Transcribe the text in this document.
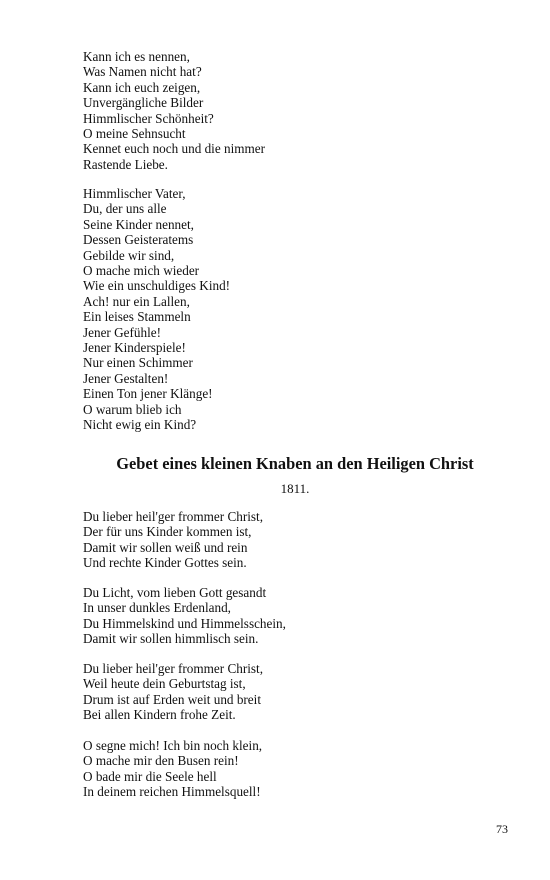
Kann ich es nennen,
Was Namen nicht hat?
Kann ich euch zeigen,
Unvergängliche Bilder
Himmlischer Schönheit?
O meine Sehnsucht
Kennet euch noch und die nimmer
Rastende Liebe.
Himmlischer Vater,
Du, der uns alle
Seine Kinder nennet,
Dessen Geisteratems
Gebilde wir sind,
O mache mich wieder
Wie ein unschuldiges Kind!
Ach! nur ein Lallen,
Ein leises Stammeln
Jener Gefühle!
Jener Kinderspiele!
Nur einen Schimmer
Jener Gestalten!
Einen Ton jener Klänge!
O warum blieb ich
Nicht ewig ein Kind?
Gebet eines kleinen Knaben an den Heiligen Christ
1811.
Du lieber heil'ger frommer Christ,
Der für uns Kinder kommen ist,
Damit wir sollen weiß und rein
Und rechte Kinder Gottes sein.
Du Licht, vom lieben Gott gesandt
In unser dunkles Erdenland,
Du Himmelskind und Himmelsschein,
Damit wir sollen himmlisch sein.
Du lieber heil'ger frommer Christ,
Weil heute dein Geburtstag ist,
Drum ist auf Erden weit und breit
Bei allen Kindern frohe Zeit.
O segne mich! Ich bin noch klein,
O mache mir den Busen rein!
O bade mir die Seele hell
In deinem reichen Himmelsquell!
73
